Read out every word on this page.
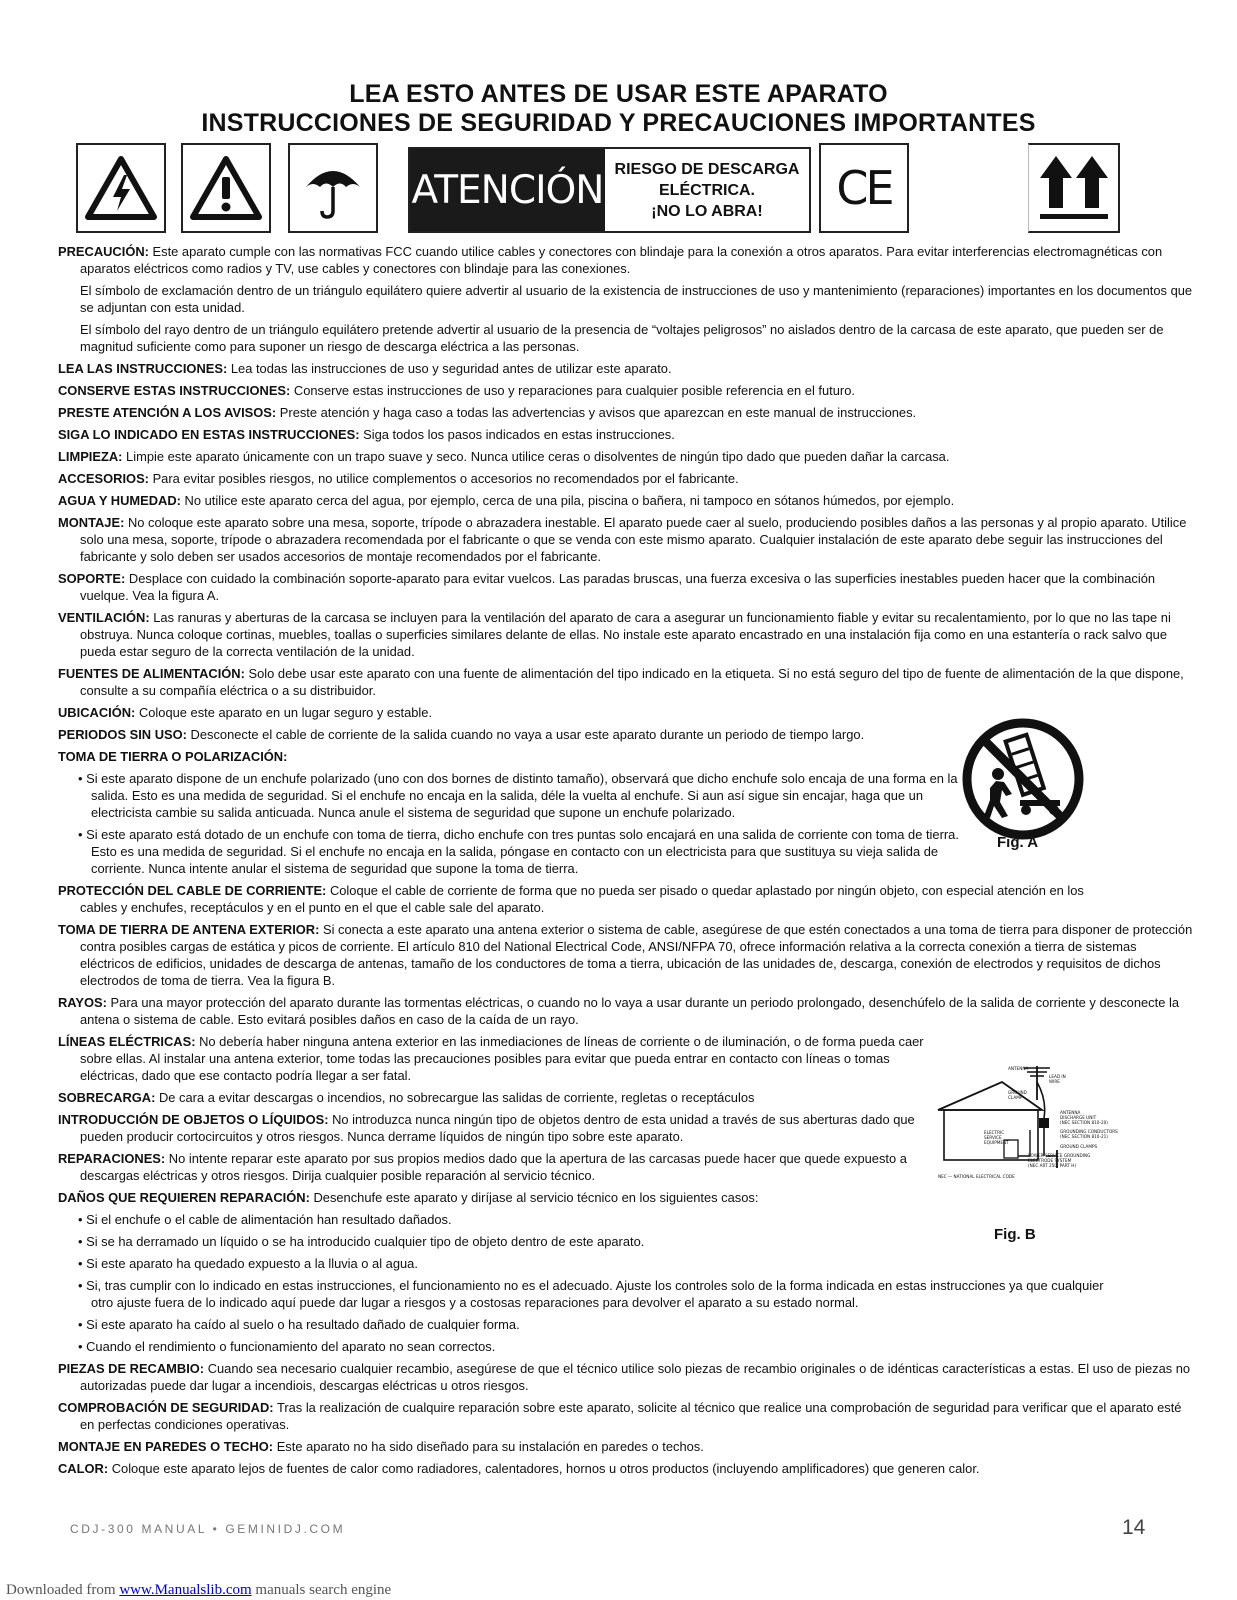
LEA ESTO ANTES DE USAR ESTE APARATO
INSTRUCCIONES DE SEGURIDAD Y PRECAUCIONES IMPORTANTES
ATENCIÓN RIESGO DE DESCARGA
ELÉCTRICA.
¡NO LO ABRA! CE

PRECAUCIÓN: Este aparato cumple con las normativas FCC cuando utilice cables y conectores con blindaje para la conexión a otros aparatos. Para evitar interferencias electromagnéticas con aparatos eléctricos como radios y TV, use cables y conectores con blindaje para las conexiones.

El símbolo de exclamación dentro de un triángulo equilátero quiere advertir al usuario de la existencia de instrucciones de uso y mantenimiento (reparaciones) importantes en los documentos que se adjuntan con esta unidad.

El símbolo del rayo dentro de un triángulo equilátero pretende advertir al usuario de la presencia de “voltajes peligrosos” no aislados dentro de la carcasa de este aparato, que pueden ser de magnitud suficiente como para suponer un riesgo de descarga eléctrica a las personas.

LEA LAS INSTRUCCIONES: Lea todas las instrucciones de uso y seguridad antes de utilizar este aparato.

CONSERVE ESTAS INSTRUCCIONES: Conserve estas instrucciones de uso y reparaciones para cualquier posible referencia en el futuro.

PRESTE ATENCIÓN A LOS AVISOS: Preste atención y haga caso a todas las advertencias y avisos que aparezcan en este manual de instrucciones.

SIGA LO INDICADO EN ESTAS INSTRUCCIONES: Siga todos los pasos indicados en estas instrucciones.

LIMPIEZA: Limpie este aparato únicamente con un trapo suave y seco. Nunca utilice ceras o disolventes de ningún tipo dado que pueden dañar la carcasa.

ACCESORIOS: Para evitar posibles riesgos, no utilice complementos o accesorios no recomendados por el fabricante.

AGUA Y HUMEDAD: No utilice este aparato cerca del agua, por ejemplo, cerca de una pila, piscina o bañera, ni tampoco en sótanos húmedos, por ejemplo.

MONTAJE: No coloque este aparato sobre una mesa, soporte, trípode o abrazadera inestable. El aparato puede caer al suelo, produciendo posibles daños a las personas y al propio aparato. Utilice solo una mesa, soporte, trípode o abrazadera recomendada por el fabricante o que se venda con este mismo aparato. Cualquier instalación de este aparato debe seguir las instrucciones del fabricante y solo deben ser usados accesorios de montaje recomendados por el fabricante.

SOPORTE: Desplace con cuidado la combinación soporte-aparato para evitar vuelcos. Las paradas bruscas, una fuerza excesiva o las superficies inestables pueden hacer que la combinación vuelque. Vea la figura A.

VENTILACIÓN: Las ranuras y aberturas de la carcasa se incluyen para la ventilación del aparato de cara a asegurar un funcionamiento fiable y evitar su recalentamiento, por lo que no las tape ni obstruya. Nunca coloque cortinas, muebles, toallas o superficies similares delante de ellas. No instale este aparato encastrado en una instalación fija como en una estantería o rack salvo que pueda estar seguro de la correcta ventilación de la unidad.

FUENTES DE ALIMENTACIÓN: Solo debe usar este aparato con una fuente de alimentación del tipo indicado en la etiqueta. Si no está seguro del tipo de fuente de alimentación de la que dispone, consulte a su compañía eléctrica o a su distribuidor.

UBICACIÓN: Coloque este aparato en un lugar seguro y estable.

PERIODOS SIN USO: Desconecte el cable de corriente de la salida cuando no vaya a usar este aparato durante un periodo de tiempo largo.

TOMA DE TIERRA O POLARIZACIÓN:

• Si este aparato dispone de un enchufe polarizado (uno con dos bornes de distinto tamaño), observará que dicho enchufe solo encaja de una forma en la salida. Esto es una medida de seguridad. Si el enchufe no encaja en la salida, déle la vuelta al enchufe. Si aun así sigue sin encajar, haga que un electricista cambie su salida anticuada. Nunca anule el sistema de seguridad que supone un enchufe polarizado.

• Si este aparato está dotado de un enchufe con toma de tierra, dicho enchufe con tres puntas solo encajará en una salida de corriente con toma de tierra. Esto es una medida de seguridad. Si el enchufe no encaja en la salida, póngase en contacto con un electricista para que sustituya su vieja salida de corriente. Nunca intente anular el sistema de seguridad que supone la toma de tierra.

PROTECCIÓN DEL CABLE DE CORRIENTE: Coloque el cable de corriente de forma que no pueda ser pisado o quedar aplastado por ningún objeto, con especial atención en los cables y enchufes, receptáculos y en el punto en el que el cable sale del aparato.

TOMA DE TIERRA DE ANTENA EXTERIOR: Si conecta a este aparato una antena exterior o sistema de cable, asegúrese de que estén conectados a una toma de tierra para disponer de protección contra posibles cargas de estática y picos de corriente. El artículo 810 del National Electrical Code, ANSI/NFPA 70, ofrece información relativa a la correcta conexión a tierra de sistemas eléctricos de edificios, unidades de descarga de antenas, tamaño de los conductores de toma a tierra, ubicación de las unidades de, descarga, conexión de electrodos y requisitos de dichos electrodos de toma de tierra. Vea la figura B.

RAYOS: Para una mayor protección del aparato durante las tormentas eléctricas, o cuando no lo vaya a usar durante un periodo prolongado, desenchúfelo de la salida de corriente y desconecte la antena o sistema de cable. Esto evitará posibles daños en caso de la caída de un rayo.

LÍNEAS ELÉCTRICAS: No debería haber ninguna antena exterior en las inmediaciones de líneas de corriente o de iluminación, o de forma pueda caer sobre ellas. Al instalar una antena exterior, tome todas las precauciones posibles para evitar que pueda entrar en contacto con líneas o tomas eléctricas, dado que ese contacto podría llegar a ser fatal.

SOBRECARGA: De cara a evitar descargas o incendios, no sobrecargue las salidas de corriente, regletas o receptáculos

INTRODUCCIÓN DE OBJETOS O LÍQUIDOS: No introduzca nunca ningún tipo de objetos dentro de esta unidad a través de sus aberturas dado que pueden producir cortocircuitos y otros riesgos. Nunca derrame líquidos de ningún tipo sobre este aparato.

REPARACIONES: No intente reparar este aparato por sus propios medios dado que la apertura de las carcasas puede hacer que quede expuesto a descargas eléctricas y otros riesgos. Dirija cualquier posible reparación al servicio técnico.

DAÑOS QUE REQUIEREN REPARACIÓN: Desenchufe este aparato y diríjase al servicio técnico en los siguientes casos:

• Si el enchufe o el cable de alimentación han resultado dañados.

• Si se ha derramado un líquido o se ha introducido cualquier tipo de objeto dentro de este aparato.

• Si este aparato ha quedado expuesto a la lluvia o al agua.

• Si, tras cumplir con lo indicado en estas instrucciones, el funcionamiento no es el adecuado. Ajuste los controles solo de la forma indicada en estas instrucciones ya que cualquier otro ajuste fuera de lo indicado aquí puede dar lugar a riesgos y a costosas reparaciones para devolver el aparato a su estado normal.

• Si este aparato ha caído al suelo o ha resultado dañado de cualquier forma.

• Cuando el rendimiento o funcionamiento del aparato no sean correctos.

PIEZAS DE RECAMBIO: Cuando sea necesario cualquier recambio, asegúrese de que el técnico utilice solo piezas de recambio originales o de idénticas características a estas. El uso de piezas no autorizadas puede dar lugar a incendiois, descargas eléctricas u otros riesgos.

COMPROBACIÓN DE SEGURIDAD: Tras la realización de cualquire reparación sobre este aparato, solicite al técnico que realice una comprobación de seguridad para verificar que el aparato esté en perfectas condiciones operativas.

MONTAJE EN PAREDES O TECHO: Este aparato no ha sido diseñado para su instalación en paredes o techos.

CALOR: Coloque este aparato lejos de fuentes de calor como radiadores, calentadores, hornos u otros productos (incluyendo amplificadores) que generen calor.

Fig. A
ANTENNA
LEAD IN
WIRE
GROUND
CLAMP
ANTENNA
DISCHARGE UNIT
(NEC SECTION 810-20)
GROUNDING CONDUCTORS
(NEC SECTION 810-21)
GROUND CLAMPS
ELECTRIC
SERVICE
EQUIPMENT
POWER SERVICE GROUNDING
ELECTRODE SYSTEM
(NEC ART 250, PART H)
NEC — NATIONAL ELECTRICAL CODE
Fig. B
CDJ-300 MANUAL • GEMINIDJ.COM	14
Downloaded from www.Manualslib.com manuals search engine
